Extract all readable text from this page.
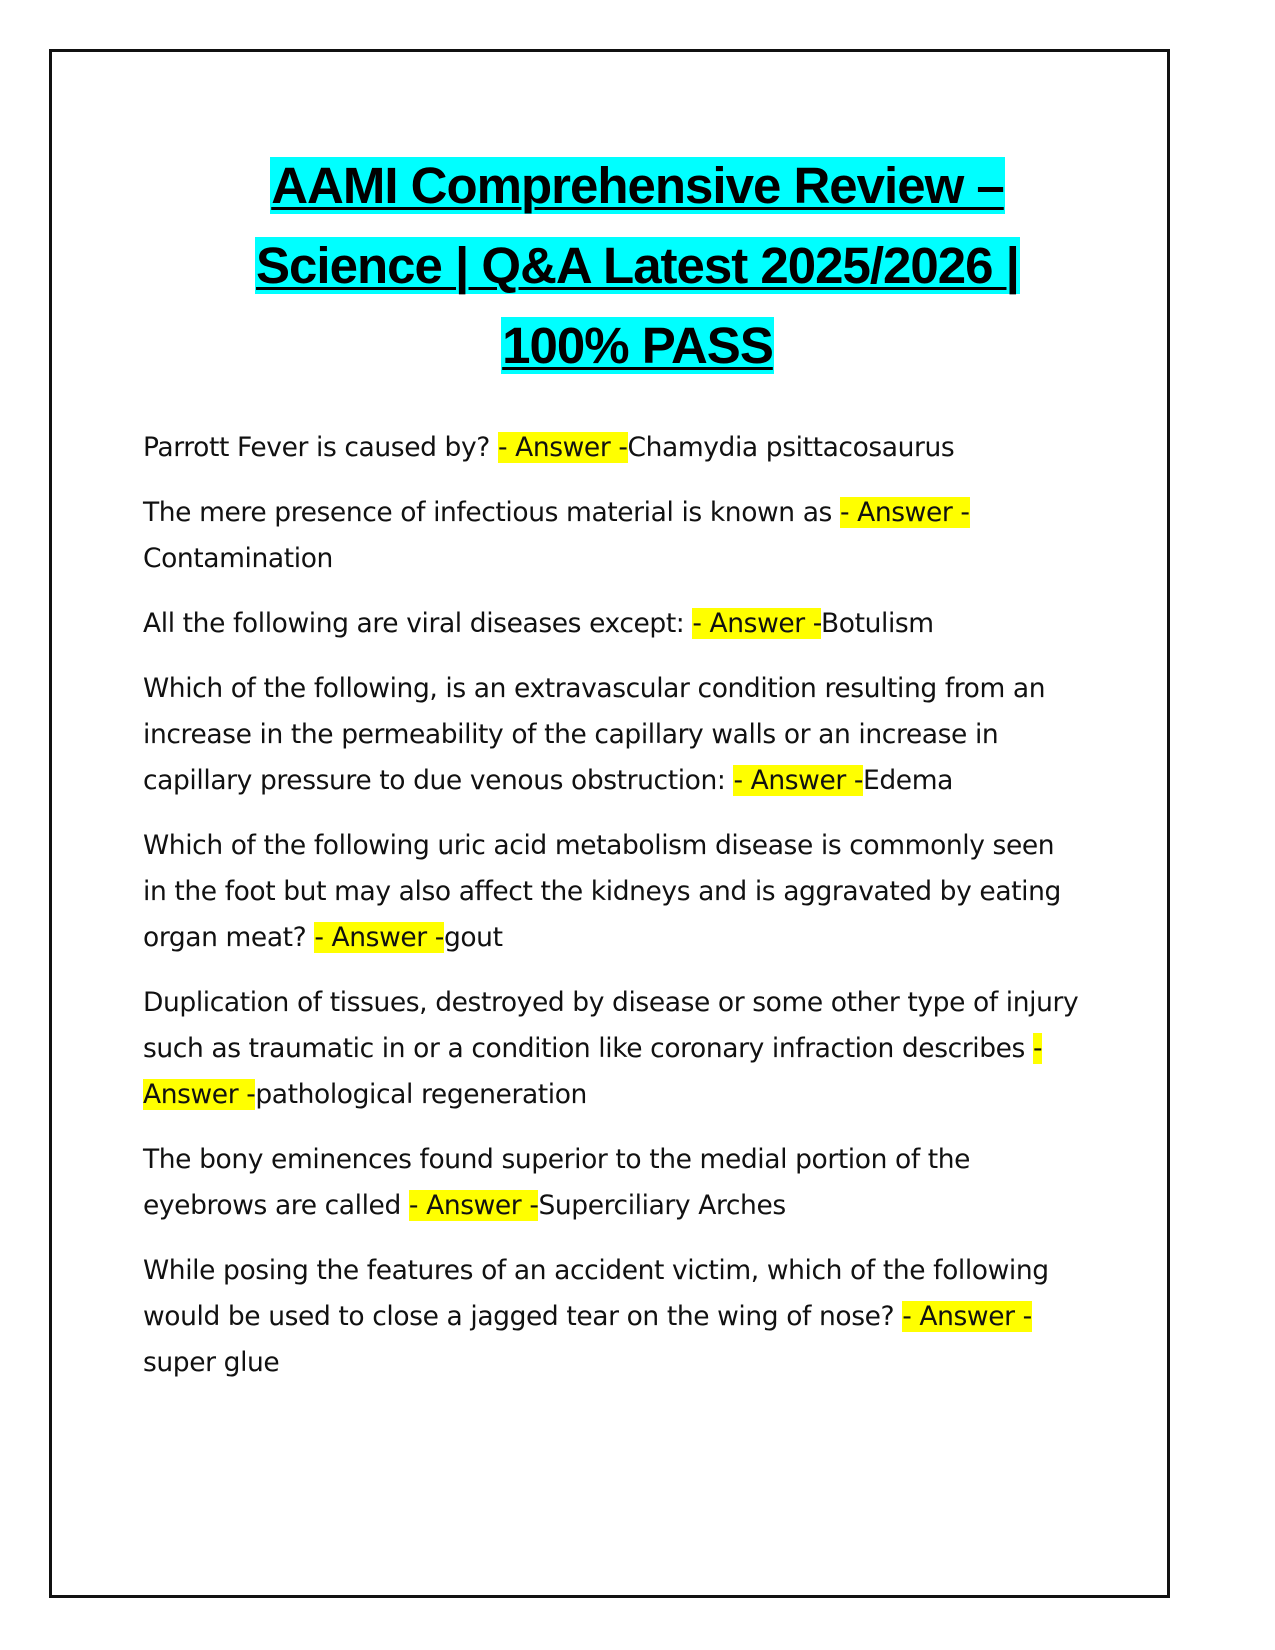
AAMI Comprehensive Review –
Science | Q&A Latest 2025/2026 |
100% PASS
Parrott Fever is caused by? - Answer -Chamydia psittacosaurus
The mere presence of infectious material is known as - Answer -
Contamination
All the following are viral diseases except: - Answer -Botulism
Which of the following, is an extravascular condition resulting from an increase in the permeability of the capillary walls or an increase in capillary pressure to due venous obstruction: - Answer -Edema
Which of the following uric acid metabolism disease is commonly seen in the foot but may also affect the kidneys and is aggravated by eating organ meat? - Answer -gout
Duplication of tissues, destroyed by disease or some other type of injury such as traumatic in or a condition like coronary infraction describes - Answer -pathological regeneration
The bony eminences found superior to the medial portion of the eyebrows are called - Answer -Superciliary Arches
While posing the features of an accident victim, which of the following would be used to close a jagged tear on the wing of nose? - Answer -
super glue
